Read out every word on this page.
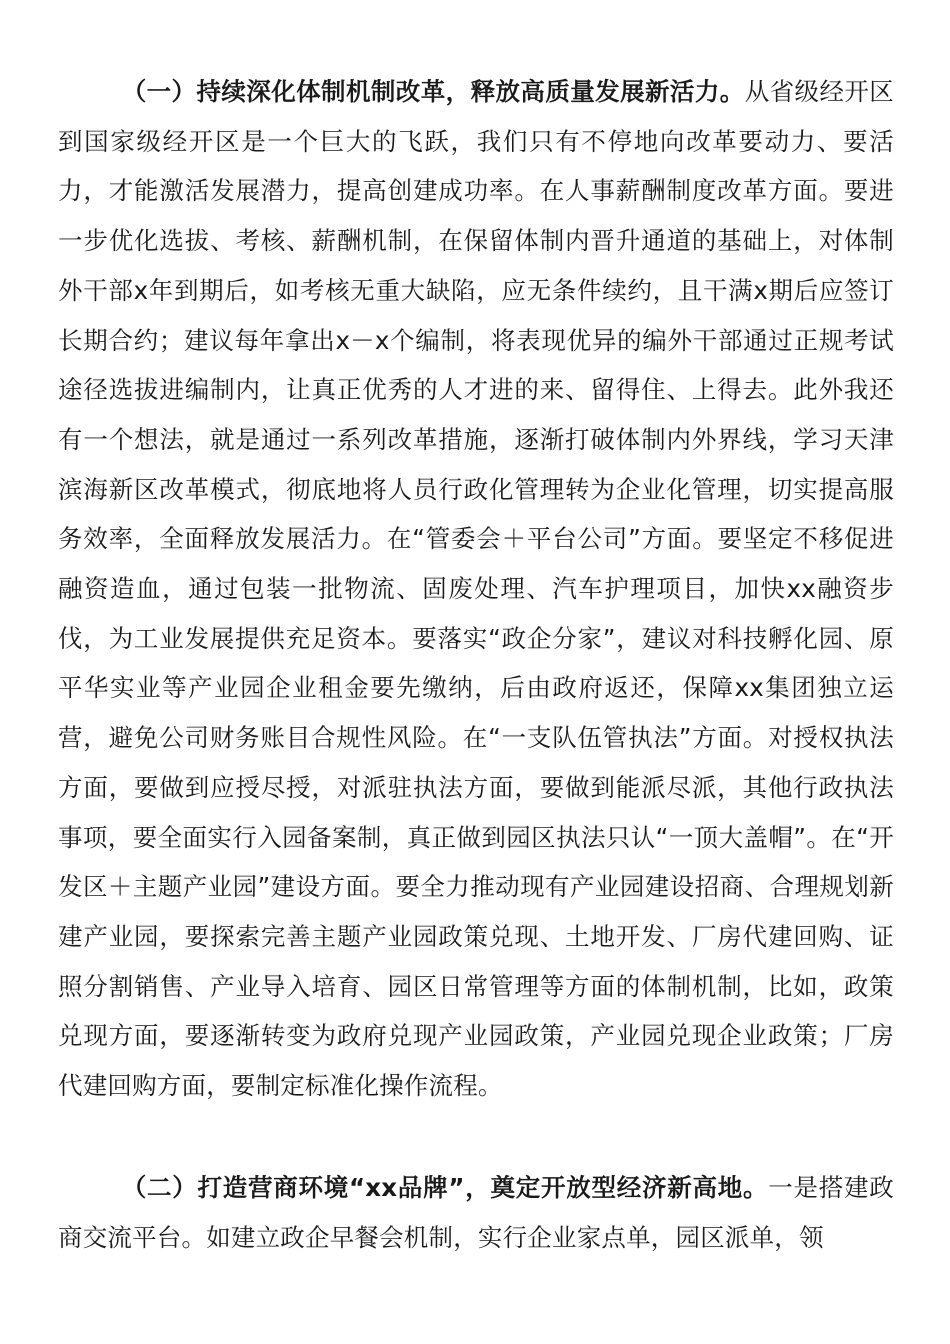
（一）持续深化体制机制改革，释放高质量发展新活力。从省级经开区到国家级经开区是一个巨大的飞跃，我们只有不停地向改革要动力、要活力，才能激活发展潜力，提高创建成功率。在人事薪酬制度改革方面。要进一步优化选拔、考核、薪酬机制，在保留体制内晋升通道的基础上，对体制外干部x年到期后，如考核无重大缺陷，应无条件续约，且干满x期后应签订长期合约；建议每年拿出x－x个编制，将表现优异的编外干部通过正规考试途径选拔进编制内，让真正优秀的人才进的来、留得住、上得去。此外我还有一个想法，就是通过一系列改革措施，逐渐打破体制内外界线，学习天津滨海新区改革模式，彻底地将人员行政化管理转为企业化管理，切实提高服务效率，全面释放发展活力。在“管委会＋平台公司”方面。要坚定不移促进融资造血，通过包装一批物流、固废处理、汽车护理项目，加快xx融资步伐，为工业发展提供充足资本。要落实“政企分家”，建议对科技孵化园、原平华实业等产业园企业租金要先缴纳，后由政府返还，保障xx集团独立运营，避免公司财务账目合规性风险。在“一支队伍管执法”方面。对授权执法方面，要做到应授尽授，对派驻执法方面，要做到能派尽派，其他行政执法事项，要全面实行入园备案制，真正做到园区执法只认“一顶大盖帽”。在“开发区＋主题产业园”建设方面。要全力推动现有产业园建设招商、合理规划新建产业园，要探索完善主题产业园政策兑现、土地开发、厂房代建回购、证照分割销售、产业导入培育、园区日常管理等方面的体制机制，比如，政策兑现方面，要逐渐转变为政府兑现产业园政策，产业园兑现企业政策；厂房代建回购方面，要制定标准化操作流程。

（二）打造营商环境“xx品牌”，奠定开放型经济新高地。一是搭建政商交流平台。如建立政企早餐会机制，实行企业家点单，园区派单，领
